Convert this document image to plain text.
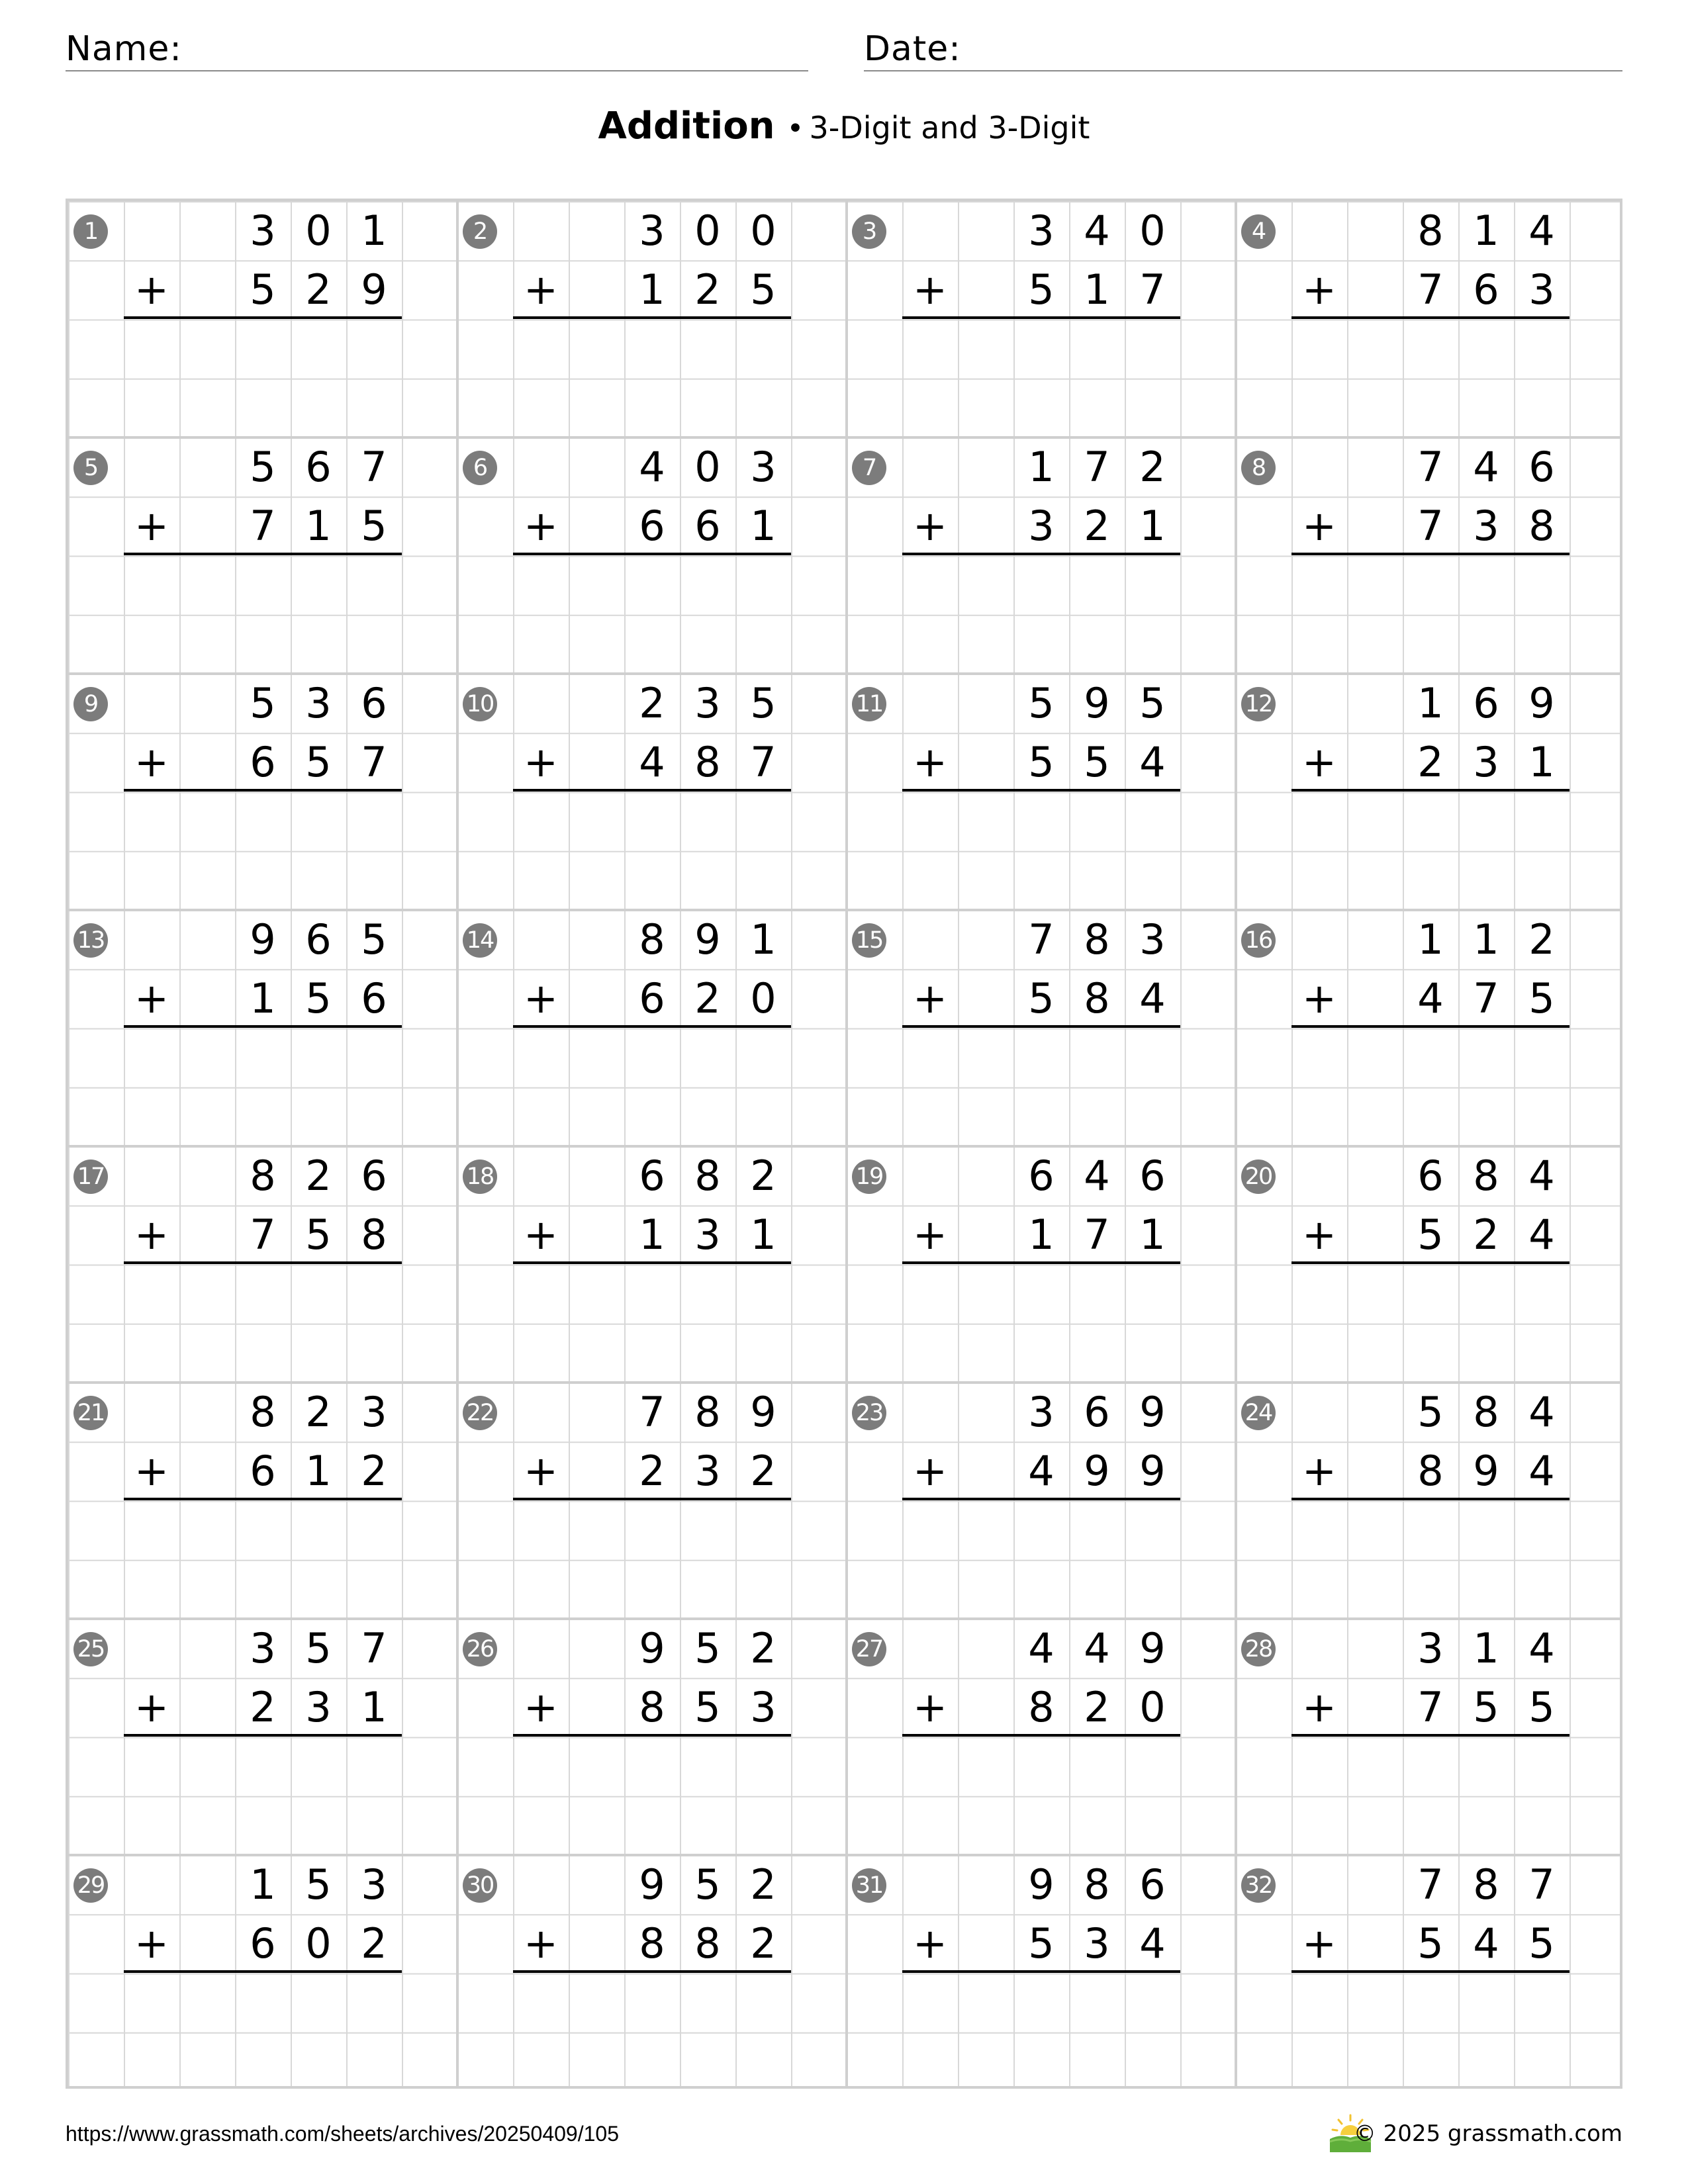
Name:	Date:
Addition • 3-Digit and 3-Digit
1	3 0 1
5 2 9
+
2	3 0 0
1 2 5
+
3	3 4 0
5 1 7
+
4	8 1 4
7 6 3
+
5	5 6 7
7 1 5
+
6	4 0 3
6 6 1
+
7	1 7 2
3 2 1
+
8	7 4 6
7 3 8
+
9	5 3 6
6 5 7
+
10	2 3 5
4 8 7
+
11	5 9 5
5 5 4
+
12	1 6 9
2 3 1
+
13	9 6 5
1 5 6
+
14	8 9 1
6 2 0
+
15	7 8 3
5 8 4
+
16	1 1 2
4 7 5
+
17	8 2 6
7 5 8
+
18	6 8 2
1 3 1
+
19	6 4 6
1 7 1
+
20	6 8 4
5 2 4
+
21	8 2 3
6 1 2
+
22	7 8 9
2 3 2
+
23	3 6 9
4 9 9
+
24	5 8 4
8 9 4
+
25	3 5 7
2 3 1
+
26	9 5 2
8 5 3
+
27	4 4 9
8 2 0
+
28	3 1 4
7 5 5
+
29	1 5 3
6 0 2
+
30	9 5 2
8 8 2
+
31	9 8 6
5 3 4
+
32	7 8 7
5 4 5
+
https://www.grassmath.com/sheets/archives/20250409/105	© 2025 grassmath.com
